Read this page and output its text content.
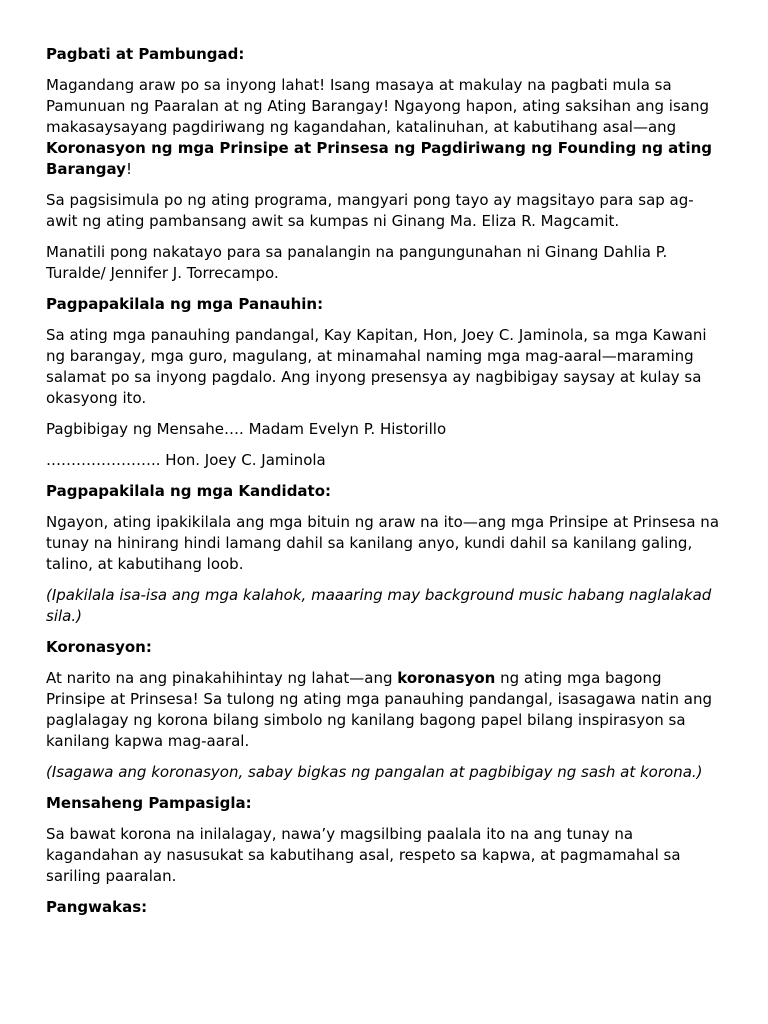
Pagbati at Pambungad:

Magandang araw po sa inyong lahat! Isang masaya at makulay na pagbati mula sa Pamunuan ng Paaralan at ng Ating Barangay! Ngayong hapon, ating saksihan ang isang makasaysayang pagdiriwang ng kagandahan, katalinuhan, at kabutihang asal—ang Koronasyon ng mga Prinsipe at Prinsesa ng Pagdiriwang ng Founding ng ating Barangay!

Sa pagsisimula po ng ating programa, mangyari pong tayo ay magsitayo para sap ag-awit ng ating pambansang awit sa kumpas ni Ginang Ma. Eliza R. Magcamit.

Manatili pong nakatayo para sa panalangin na pangungunahan ni Ginang Dahlia P. Turalde/ Jennifer J. Torrecampo.

Pagpapakilala ng mga Panauhin:

Sa ating mga panauhing pandangal, Kay Kapitan, Hon, Joey C. Jaminola, sa mga Kawani ng barangay, mga guro, magulang, at minamahal naming mga mag-aaral—maraming salamat po sa inyong pagdalo. Ang inyong presensya ay nagbibigay saysay at kulay sa okasyong ito.

Pagbibigay ng Mensahe…. Madam Evelyn P. Historillo

………………….. Hon. Joey C. Jaminola

Pagpapakilala ng mga Kandidato:

Ngayon, ating ipakikilala ang mga bituin ng araw na ito—ang mga Prinsipe at Prinsesa na tunay na hinirang hindi lamang dahil sa kanilang anyo, kundi dahil sa kanilang galing, talino, at kabutihang loob.

(Ipakilala isa-isa ang mga kalahok, maaaring may background music habang naglalakad sila.)

Koronasyon:

At narito na ang pinakahihintay ng lahat—ang koronasyon ng ating mga bagong Prinsipe at Prinsesa! Sa tulong ng ating mga panauhing pandangal, isasagawa natin ang paglalagay ng korona bilang simbolo ng kanilang bagong papel bilang inspirasyon sa kanilang kapwa mag-aaral.

(Isagawa ang koronasyon, sabay bigkas ng pangalan at pagbibigay ng sash at korona.)

Mensaheng Pampasigla:

Sa bawat korona na inilalagay, nawa’y magsilbing paalala ito na ang tunay na kagandahan ay nasusukat sa kabutihang asal, respeto sa kapwa, at pagmamahal sa sariling paaralan.

Pangwakas:
